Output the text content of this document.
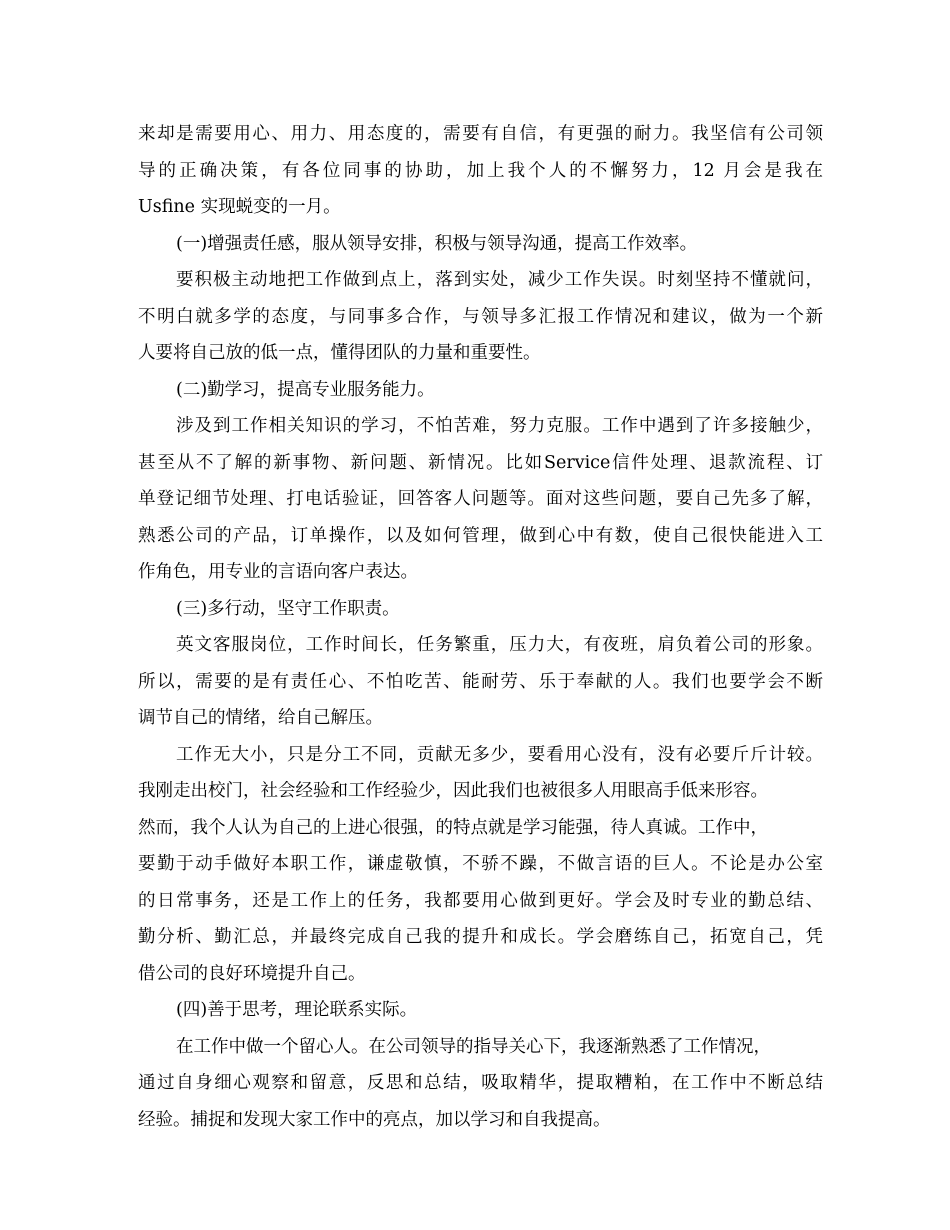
来却是需要用心、用力、用态度的，需要有自信，有更强的耐力。我坚信有公司领
导的正确决策，有各位同事的协助，加上我个人的不懈努力，12 月会是我在
Usfine 实现蜕变的一月。
(一)增强责任感，服从领导安排，积极与领导沟通，提高工作效率。
要积极主动地把工作做到点上，落到实处，减少工作失误。时刻坚持不懂就问，
不明白就多学的态度，与同事多合作，与领导多汇报工作情况和建议，做为一个新
人要将自己放的低一点，懂得团队的力量和重要性。
(二)勤学习，提高专业服务能力。
涉及到工作相关知识的学习，不怕苦难，努力克服。工作中遇到了许多接触少，
甚至从不了解的新事物、新问题、新情况。比如Service信件处理、退款流程、订
单登记细节处理、打电话验证，回答客人问题等。面对这些问题，要自己先多了解，
熟悉公司的产品，订单操作，以及如何管理，做到心中有数，使自己很快能进入工
作角色，用专业的言语向客户表达。
(三)多行动，坚守工作职责。
英文客服岗位，工作时间长，任务繁重，压力大，有夜班，肩负着公司的形象。
所以，需要的是有责任心、不怕吃苦、能耐劳、乐于奉献的人。我们也要学会不断
调节自己的情绪，给自己解压。
工作无大小，只是分工不同，贡献无多少，要看用心没有，没有必要斤斤计较。
我刚走出校门，社会经验和工作经验少，因此我们也被很多人用眼高手低来形容。
然而，我个人认为自己的上进心很强，的特点就是学习能强，待人真诚。工作中，
要勤于动手做好本职工作，谦虚敬慎，不骄不躁，不做言语的巨人。不论是办公室
的日常事务，还是工作上的任务，我都要用心做到更好。学会及时专业的勤总结、
勤分析、勤汇总，并最终完成自己我的提升和成长。学会磨练自己，拓宽自己，凭
借公司的良好环境提升自己。
(四)善于思考，理论联系实际。
在工作中做一个留心人。在公司领导的指导关心下，我逐渐熟悉了工作情况，
通过自身细心观察和留意，反思和总结，吸取精华，提取糟粕，在工作中不断总结
经验。捕捉和发现大家工作中的亮点，加以学习和自我提高。
